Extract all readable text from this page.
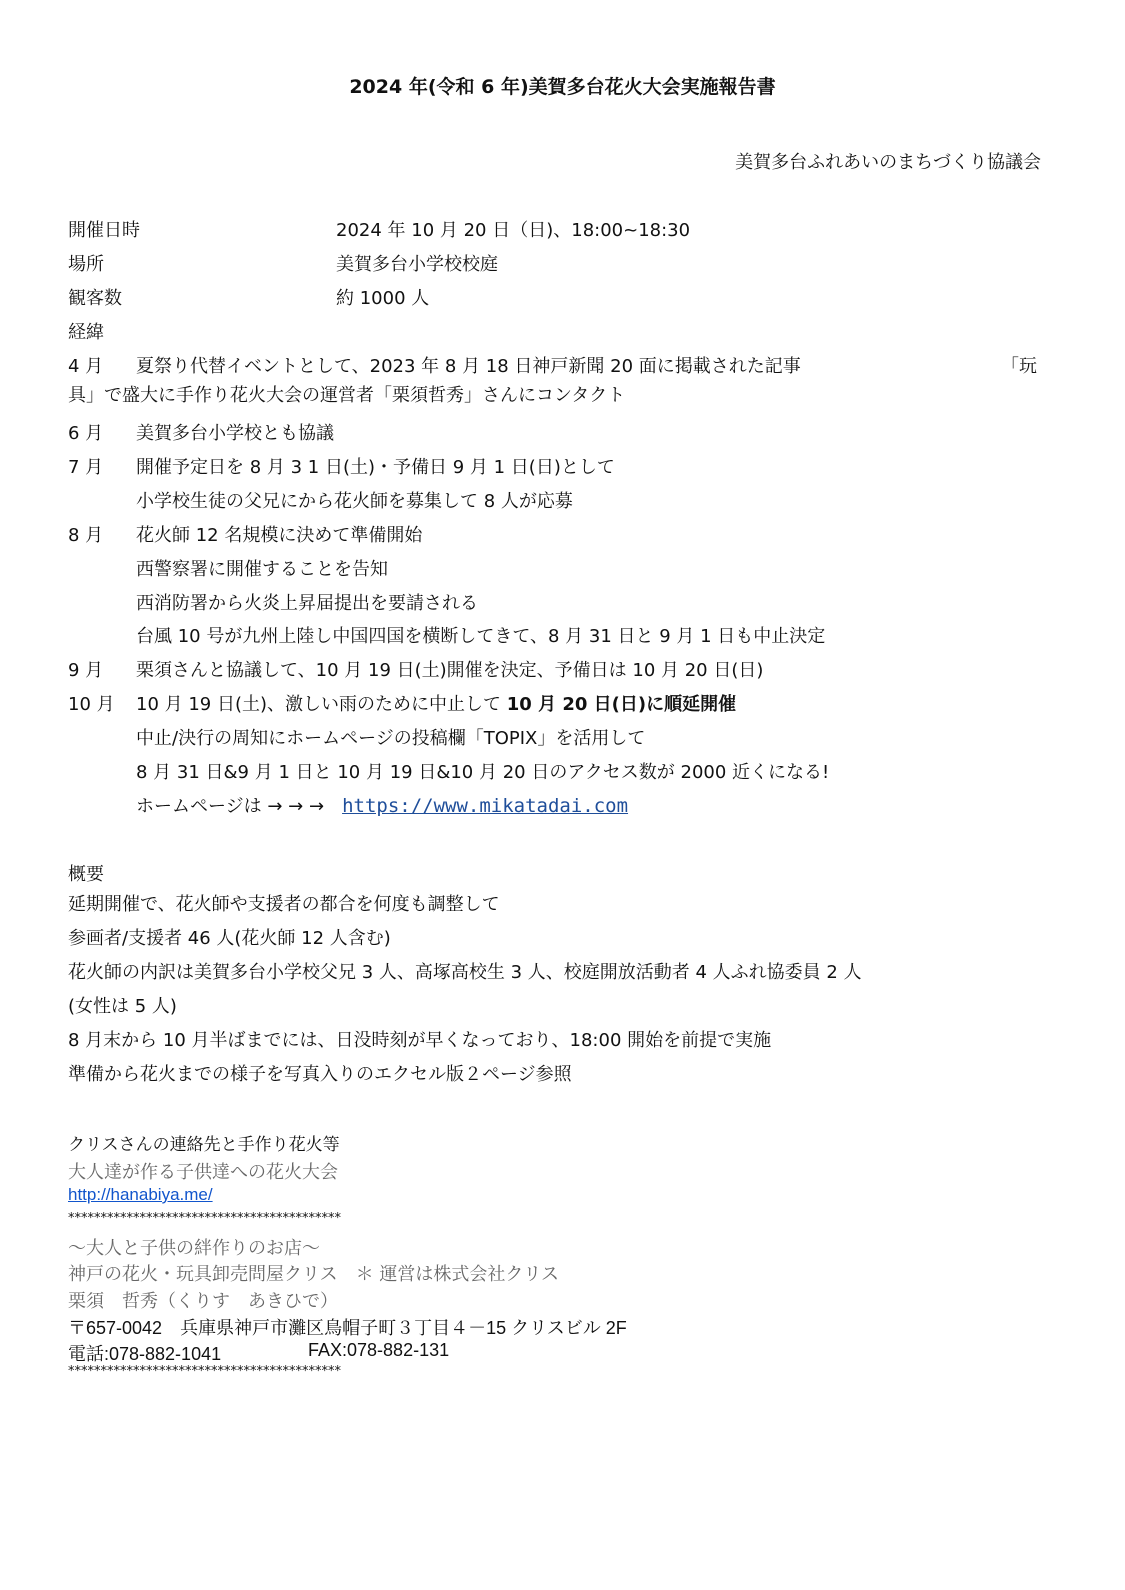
2024 年(令和 6 年)美賀多台花火大会実施報告書
美賀多台ふれあいのまちづくり協議会
開催日時	2024 年 10 月 20 日（日)、18:00~18:30
場所	美賀多台小学校校庭
観客数	約 1000 人
経緯
4 月 夏祭り代替イベントとして、2023 年 8 月 18 日神戸新聞 20 面に掲載された記事	「玩
具」で盛大に手作り花火大会の運営者「栗須哲秀」さんにコンタクト
6 月 美賀多台小学校とも協議
7 月 開催予定日を 8 月 3 1 日(土)・予備日 9 月 1 日(日)として
小学校生徒の父兄にから花火師を募集して 8 人が応募
8 月 花火師 12 名規模に決めて準備開始
西警察署に開催することを告知
西消防署から火炎上昇届提出を要請される
台風 10 号が九州上陸し中国四国を横断してきて、8 月 31 日と 9 月 1 日も中止決定
9 月 栗須さんと協議して、10 月 19 日(土)開催を決定、予備日は 10 月 20 日(日)
10 月 10 月 19 日(土)、激しい雨のために中止して 10 月 20 日(日)に順延開催
中止/決行の周知にホームページの投稿欄「TOPIX」を活用して
8 月 31 日&9 月 1 日と 10 月 19 日&10 月 20 日のアクセス数が 2000 近くになる!
ホームページは → → →　https://www.mikatadai.com
概要
延期開催で、花火師や支援者の都合を何度も調整して
参画者/支援者 46 人(花火師 12 人含む)
花火師の内訳は美賀多台小学校父兄 3 人、高塚高校生 3 人、校庭開放活動者 4 人ふれ協委員 2 人
(女性は 5 人)
8 月末から 10 月半ばまでには、日没時刻が早くなっており、18:00 開始を前提で実施
準備から花火までの様子を写真入りのエクセル版２ページ参照
クリスさんの連絡先と手作り花火等
大人達が作る子供達への花火大会
http://hanabiya.me/
******************************************
～大人と子供の絆作りのお店～
神戸の花火・玩具卸売問屋クリス　＊ 運営は株式会社クリス
栗須　哲秀（くりす　あきひで）
〒657-0042　兵庫県神戸市灘区鳥帽子町３丁目４－15 クリスビル 2F
電話:078-882-1041	FAX:078-882-131
******************************************
